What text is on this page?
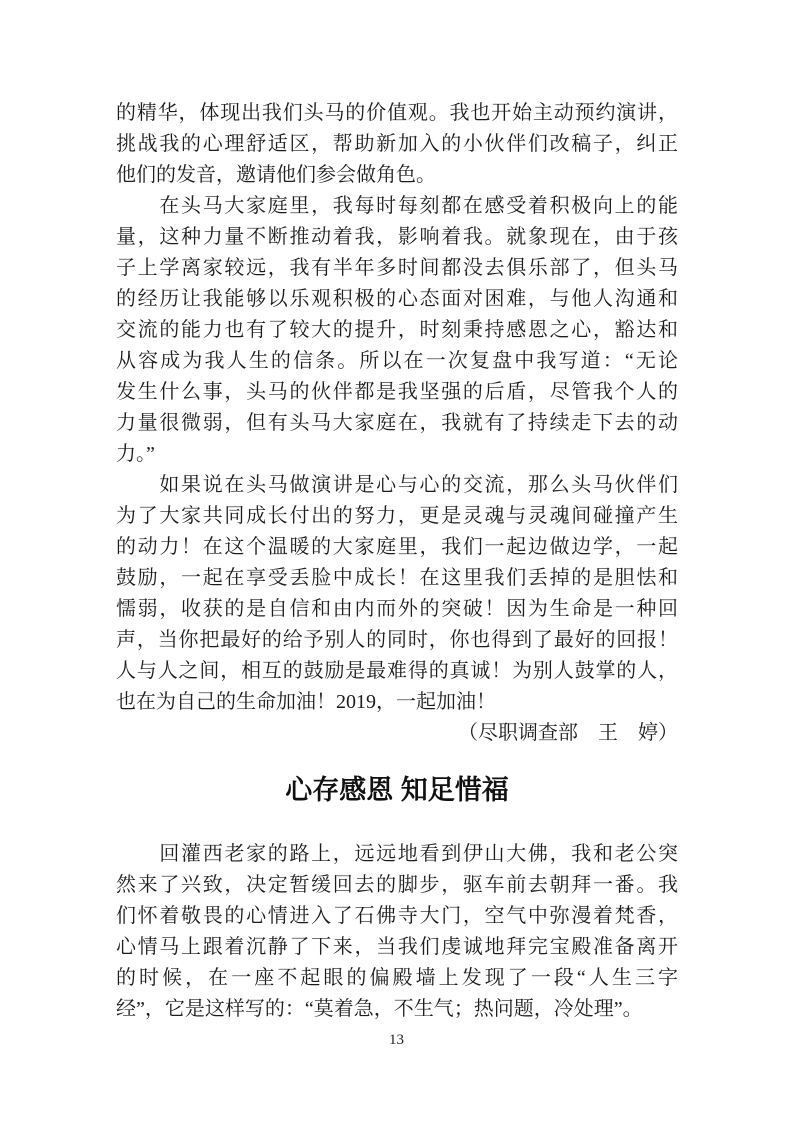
的精华，体现出我们头马的价值观。我也开始主动预约演讲，
挑战我的心理舒适区，帮助新加入的小伙伴们改稿子，纠正
他们的发音，邀请他们参会做角色。
　　在头马大家庭里，我每时每刻都在感受着积极向上的能
量，这种力量不断推动着我，影响着我。就象现在，由于孩
子上学离家较远，我有半年多时间都没去俱乐部了，但头马
的经历让我能够以乐观积极的心态面对困难，与他人沟通和
交流的能力也有了较大的提升，时刻秉持感恩之心，豁达和
从容成为我人生的信条。所以在一次复盘中我写道：“无论
发生什么事，头马的伙伴都是我坚强的后盾，尽管我个人的
力量很微弱，但有头马大家庭在，我就有了持续走下去的动
力。”
　　如果说在头马做演讲是心与心的交流，那么头马伙伴们
为了大家共同成长付出的努力，更是灵魂与灵魂间碰撞产生
的动力！在这个温暖的大家庭里，我们一起边做边学，一起
鼓励，一起在享受丢脸中成长！在这里我们丢掉的是胆怯和
懦弱，收获的是自信和由内而外的突破！因为生命是一种回
声，当你把最好的给予别人的同时，你也得到了最好的回报！
人与人之间，相互的鼓励是最难得的真诚！为别人鼓掌的人，
也在为自己的生命加油！2019，一起加油！
（尽职调查部　王　婷）
心存感恩 知足惜福
　　回灌西老家的路上，远远地看到伊山大佛，我和老公突
然来了兴致，决定暂缓回去的脚步，驱车前去朝拜一番。我
们怀着敬畏的心情进入了石佛寺大门，空气中弥漫着梵香，
心情马上跟着沉静了下来，当我们虔诚地拜完宝殿准备离开
的时候，在一座不起眼的偏殿墙上发现了一段“人生三字
经”，它是这样写的：“莫着急，不生气；热问题，冷处理”。
13
